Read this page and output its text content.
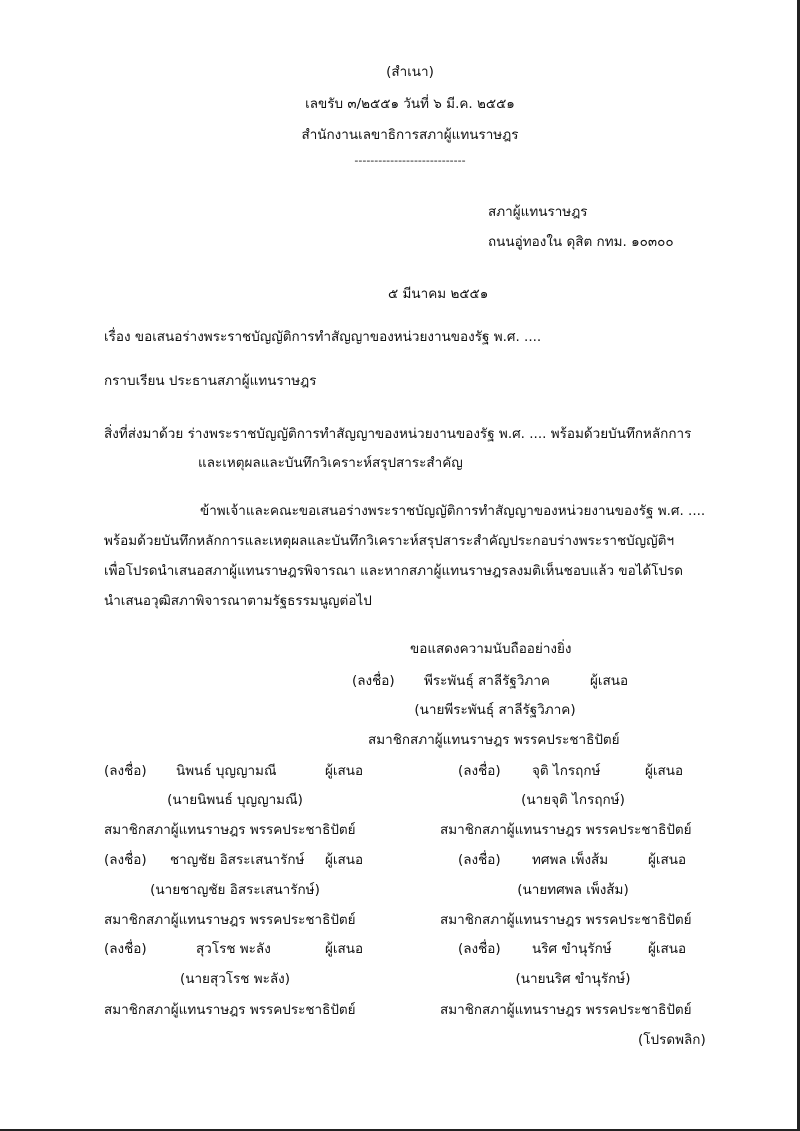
(สำเนา)
เลขรับ ๓/๒๕๕๑ วันที่ ๖ มี.ค. ๒๕๕๑
สำนักงานเลขาธิการสภาผู้แทนราษฎร
----------------------------
สภาผู้แทนราษฎร
ถนนอู่ทองใน ดุสิต กทม. ๑๐๓๐๐
๕ มีนาคม ๒๕๕๑
เรื่อง ขอเสนอร่างพระราชบัญญัติการทำสัญญาของหน่วยงานของรัฐ พ.ศ. ....
กราบเรียน ประธานสภาผู้แทนราษฎร
สิ่งที่ส่งมาด้วย ร่างพระราชบัญญัติการทำสัญญาของหน่วยงานของรัฐ พ.ศ. .... พร้อมด้วยบันทึกหลักการ
และเหตุผลและบันทึกวิเคราะห์สรุปสาระสำคัญ
ข้าพเจ้าและคณะขอเสนอร่างพระราชบัญญัติการทำสัญญาของหน่วยงานของรัฐ พ.ศ. ....
พร้อมด้วยบันทึกหลักการและเหตุผลและบันทึกวิเคราะห์สรุปสาระสำคัญประกอบร่างพระราชบัญญัติฯ
เพื่อโปรดนำเสนอสภาผู้แทนราษฎรพิจารณา และหากสภาผู้แทนราษฎรลงมติเห็นชอบแล้ว ขอได้โปรด
นำเสนอวุฒิสภาพิจารณาตามรัฐธรรมนูญต่อไป
ขอแสดงความนับถืออย่างยิ่ง
(ลงชื่อ) พีระพันธุ์ สาลีรัฐวิภาค	ผู้เสนอ
(นายพีระพันธุ์ สาลีรัฐวิภาค)
สมาชิกสภาผู้แทนราษฎร พรรคประชาธิปัตย์
(ลงชื่อ) นิพนธ์ บุญญามณี	ผู้เสนอ
(นายนิพนธ์ บุญญามณี)
สมาชิกสภาผู้แทนราษฎร พรรคประชาธิปัตย์
(ลงชื่อ) จุติ ไกรฤกษ์	ผู้เสนอ
(นายจุติ ไกรฤกษ์)
สมาชิกสภาผู้แทนราษฎร พรรคประชาธิปัตย์
(ลงชื่อ) ชาญชัย อิสระเสนารักษ์ ผู้เสนอ
(นายชาญชัย อิสระเสนารักษ์)
สมาชิกสภาผู้แทนราษฎร พรรคประชาธิปัตย์
(ลงชื่อ) ทศพล เพ็งส้ม	ผู้เสนอ
(นายทศพล เพ็งส้ม)
สมาชิกสภาผู้แทนราษฎร พรรคประชาธิปัตย์
(ลงชื่อ)	สุวโรช พะลัง	ผู้เสนอ
(นายสุวโรช พะลัง)
สมาชิกสภาผู้แทนราษฎร พรรคประชาธิปัตย์
(ลงชื่อ) นริศ ขำนุรักษ์	ผู้เสนอ
(นายนริศ ขำนุรักษ์)
สมาชิกสภาผู้แทนราษฎร พรรคประชาธิปัตย์
(โปรดพลิก)
